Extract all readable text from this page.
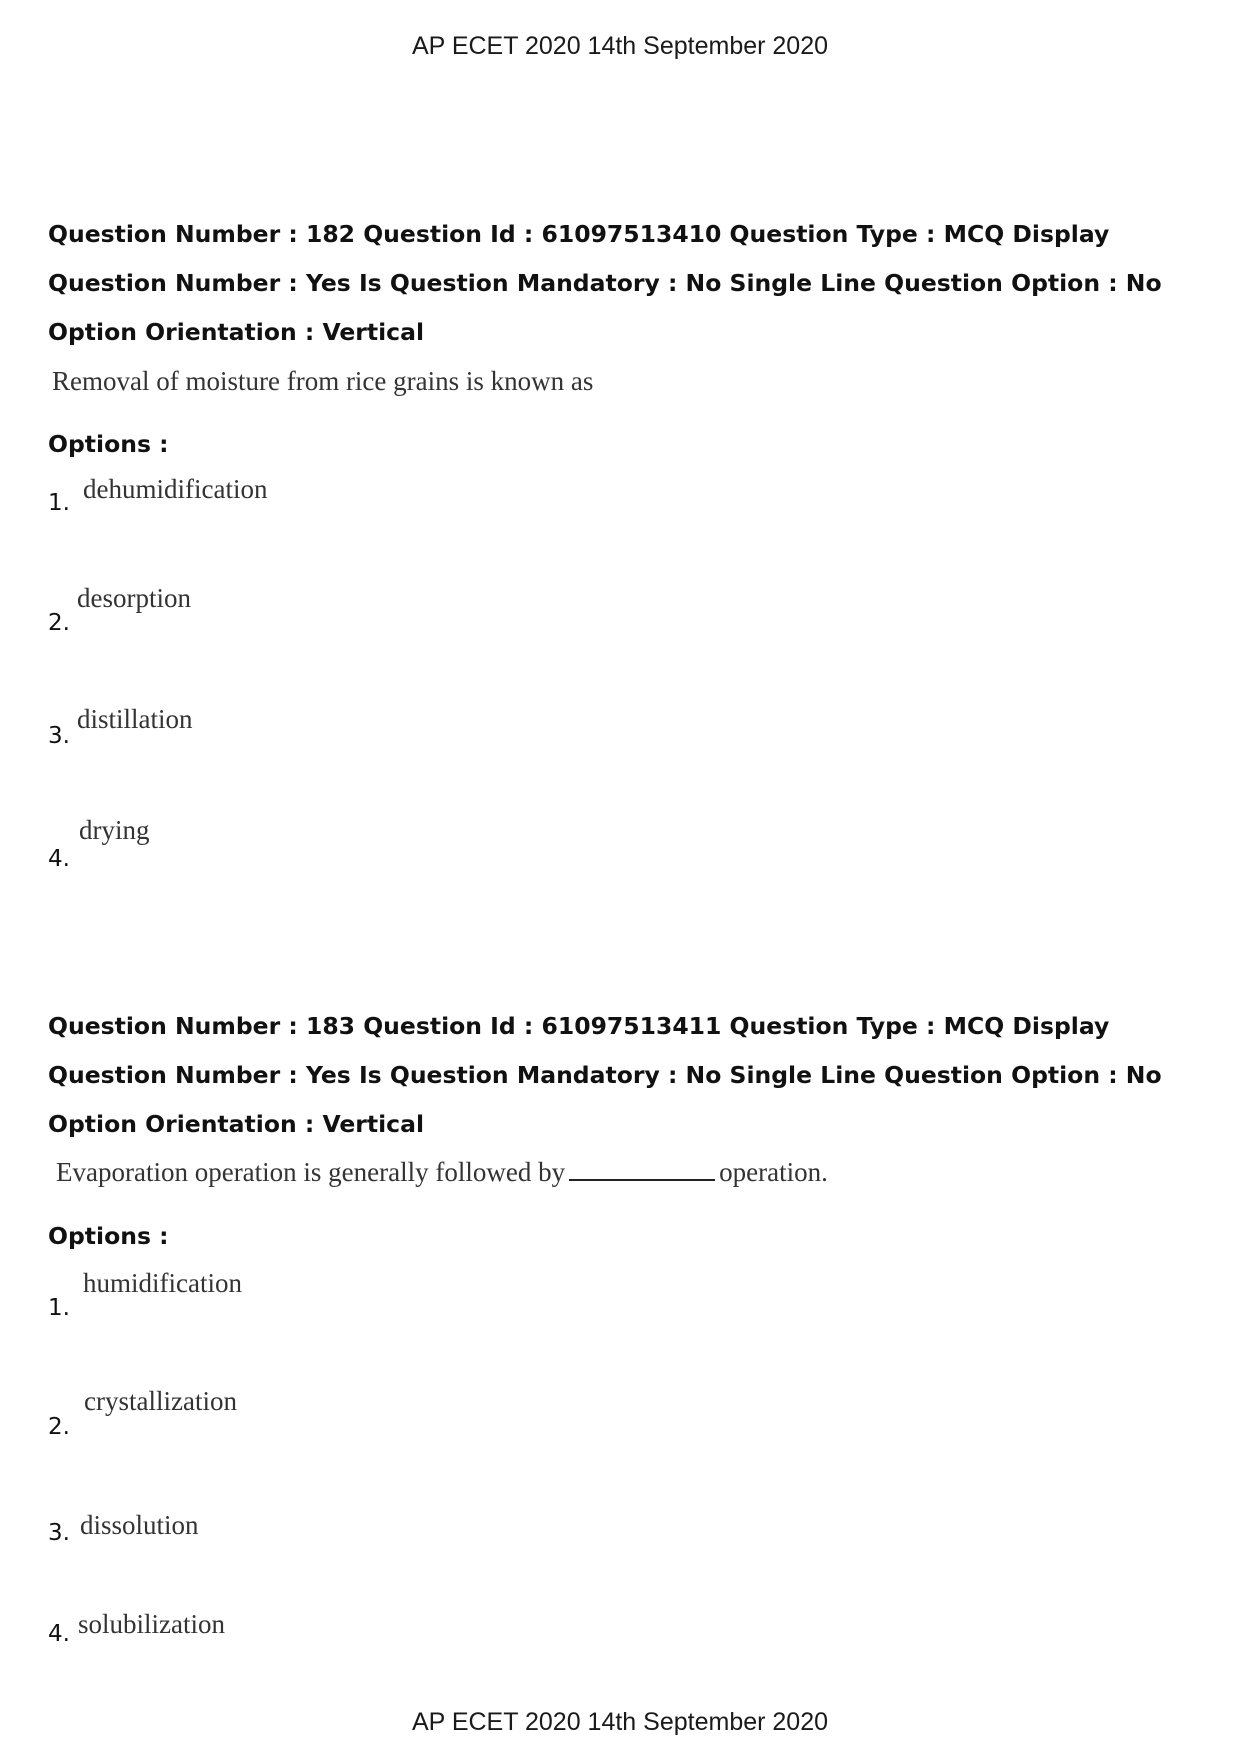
AP ECET 2020 14th September 2020
Question Number : 182 Question Id : 61097513410 Question Type : MCQ Display Question Number : Yes Is Question Mandatory : No Single Line Question Option : No Option Orientation : Vertical
Removal of moisture from rice grains is known as
Options :
1. dehumidification
2.
desorption
3.
distillation
4.
drying
Question Number : 183 Question Id : 61097513411 Question Type : MCQ Display Question Number : Yes Is Question Mandatory : No Single Line Question Option : No Option Orientation : Vertical
Evaporation operation is generally followed by	operation.
Options :
1.
humidification
2.
crystallization
3. dissolution
4. solubilization
AP ECET 2020 14th September 2020
